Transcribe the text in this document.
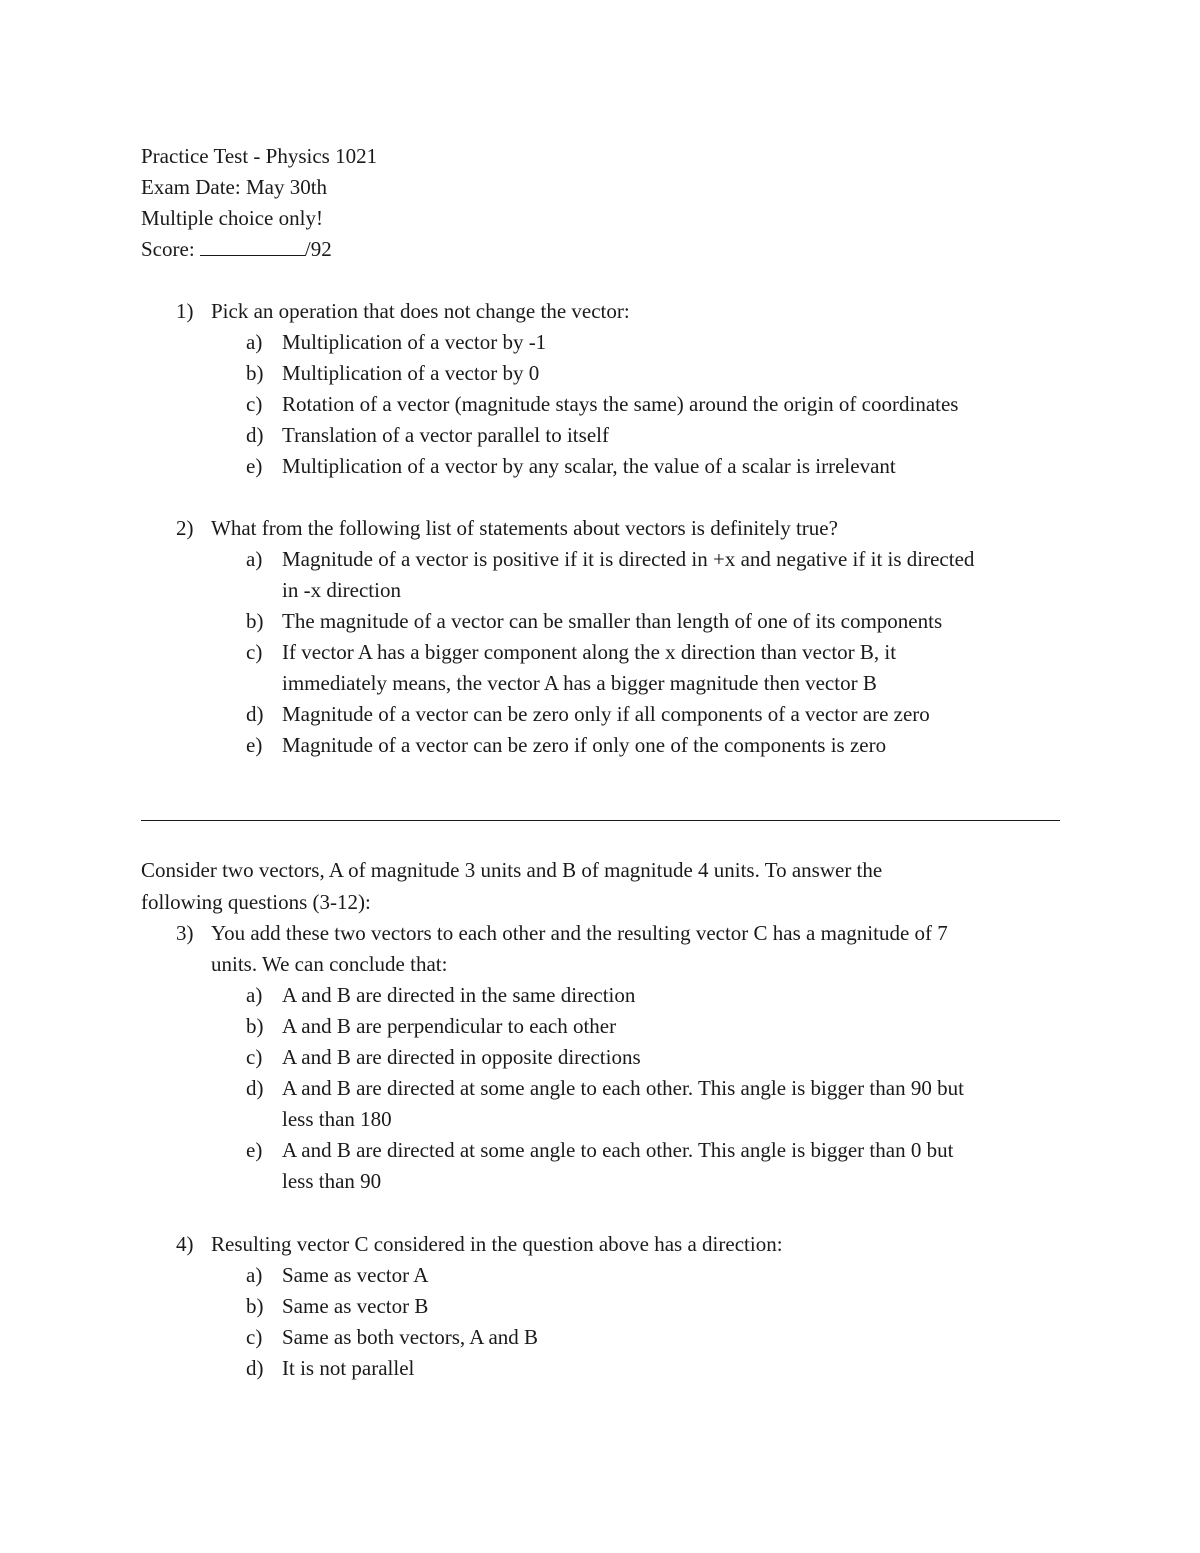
Practice Test - Physics 1021
Exam Date: May 30th
Multiple choice only!
Score:	/92
1) Pick an operation that does not change the vector:
a) Multiplication of a vector by -1
b) Multiplication of a vector by 0
c) Rotation of a vector (magnitude stays the same) around the origin of coordinates
d) Translation of a vector parallel to itself
e) Multiplication of a vector by any scalar, the value of a scalar is irrelevant
2) What from the following list of statements about vectors is definitely true?
a) Magnitude of a vector is positive if it is directed in +x and negative if it is directed
in -x direction
b) The magnitude of a vector can be smaller than length of one of its components
c) If vector A has a bigger component along the x direction than vector B, it
immediately means, the vector A has a bigger magnitude then vector B
d) Magnitude of a vector can be zero only if all components of a vector are zero
e) Magnitude of a vector can be zero if only one of the components is zero
Consider two vectors, A of magnitude 3 units and B of magnitude 4 units. To answer the
following questions (3-12):
3) You add these two vectors to each other and the resulting vector C has a magnitude of 7
units. We can conclude that:
a) A and B are directed in the same direction
b) A and B are perpendicular to each other
c) A and B are directed in opposite directions
d) A and B are directed at some angle to each other. This angle is bigger than 90 but
less than 180
e) A and B are directed at some angle to each other. This angle is bigger than 0 but
less than 90
4) Resulting vector C considered in the question above has a direction:
a) Same as vector A
b) Same as vector B
c) Same as both vectors, A and B
d) It is not parallel
